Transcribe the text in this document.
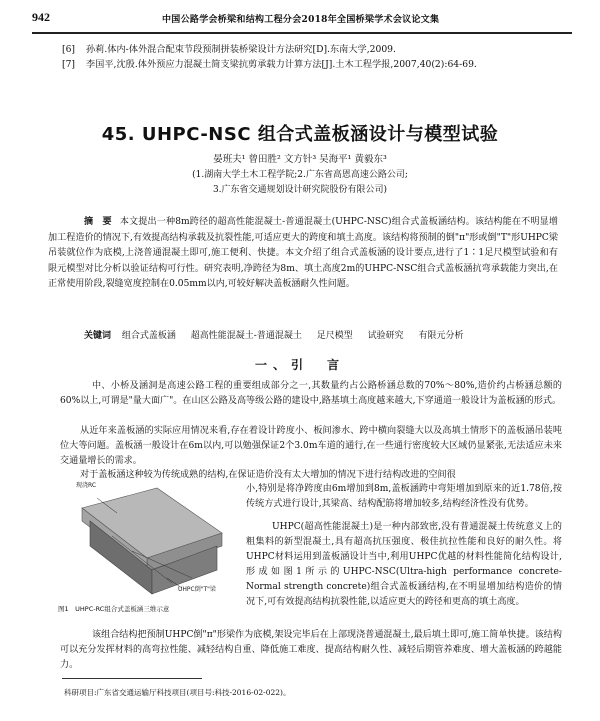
942	中国公路学会桥梁和结构工程分会2018年全国桥梁学术会议论文集
[6] 孙莉.体内-体外混合配束节段预制拼装桥梁设计方法研究[D].东南大学,2009.
[7] 李国平,沈殷.体外预应力混凝土简支梁抗剪承载力计算方法[J].土木工程学报,2007,40(2):64-69.
45. UHPC-NSC 组合式盖板涵设计与模型试验
晏班夫¹ 曾田胜² 文方针³ 吴海平¹ 黄毅东³
(1.湖南大学土木工程学院;2.广东省高恩高速公路公司;
3.广东省交通规划设计研究院股份有限公司)
摘　要 本文提出一种8m跨径的超高性能混凝土-普通混凝土(UHPC-NSC)组合式盖板涵结构。该结构能在不明显增加工程造价的情况下,有效提高结构承载及抗裂性能,可适应更大的跨度和填土高度。该结构将预制的倒"π"形或倒"T"形UHPC梁吊装就位作为底模,上浇普通混凝土即可,施工便利、快捷。本文介绍了组合式盖板涵的设计要点,进行了1∶1足尺模型试验和有限元模型对比分析以验证结构可行性。研究表明,净跨径为8m、填土高度2m的UHPC-NSC组合式盖板涵抗弯承载能力突出,在正常使用阶段,裂缝宽度控制在0.05mm以内,可较好解决盖板涵耐久性问题。
关键词 组合式盖板涵 超高性能混凝土-普通混凝土 足尺模型 试验研究 有限元分析
一、引　言
中、小桥及涵洞是高速公路工程的重要组成部分之一,其数量约占公路桥涵总数的70%～80%,造价约占桥涵总额的60%以上,可谓是"量大面广"。在山区公路及高等级公路的建设中,路基填土高度越来越大,下穿通道一般设计为盖板涵的形式。
从近年来盖板涵的实际应用情况来看,存在着设计跨度小、板间渗水、跨中横向裂缝大以及高填土情形下的盖板涵吊装吨位大等问题。盖板涵一般设计在6m以内,可以勉强保证2个3.0m车道的通行,在一些通行密度较大区域仍显紧张,无法适应未来交通量增长的需求。
对于盖板涵这种较为传统成熟的结构,在保证造价没有太大增加的情况下进行结构改进的空间很
小,特别是将净跨度由6m增加到8m,盖板涵跨中弯矩增加到原来的近1.78倍,按传统方式进行设计,其梁高、结构配筋将增加较多,结构经济性没有优势。
UHPC(超高性能混凝土)是一种内部致密,没有普通混凝土传统意义上的粗集料的新型混凝土,具有超高抗压强度、极佳抗拉性能和良好的耐久性。将UHPC材料运用到盖板涵设计当中,利用UHPC优越的材料性能简化结构设计,形成如图1所示的UHPC-NSC(Ultra-high performance concrete-Normal strength concrete)组合式盖板涵结构,在不明显增加结构造价的情况下,可有效提高结构抗裂性能,以适应更大的跨径和更高的填土高度。
现浇RC
UHPC倒"T"梁
图1　UHPC-RC组合式盖板涵三维示意
该组合结构把预制UHPC倒"π"形梁作为底模,架设完毕后在上部现浇普通混凝土,最后填土即可,施工简单快捷。该结构可以充分发挥材料的高弯拉性能、减轻结构自重、降低施工难度、提高结构耐久性、减轻后期管养难度、增大盖板涵的跨越能力。
科研项目:广东省交通运输厅科技项目(项目号:科技-2016-02-022)。
